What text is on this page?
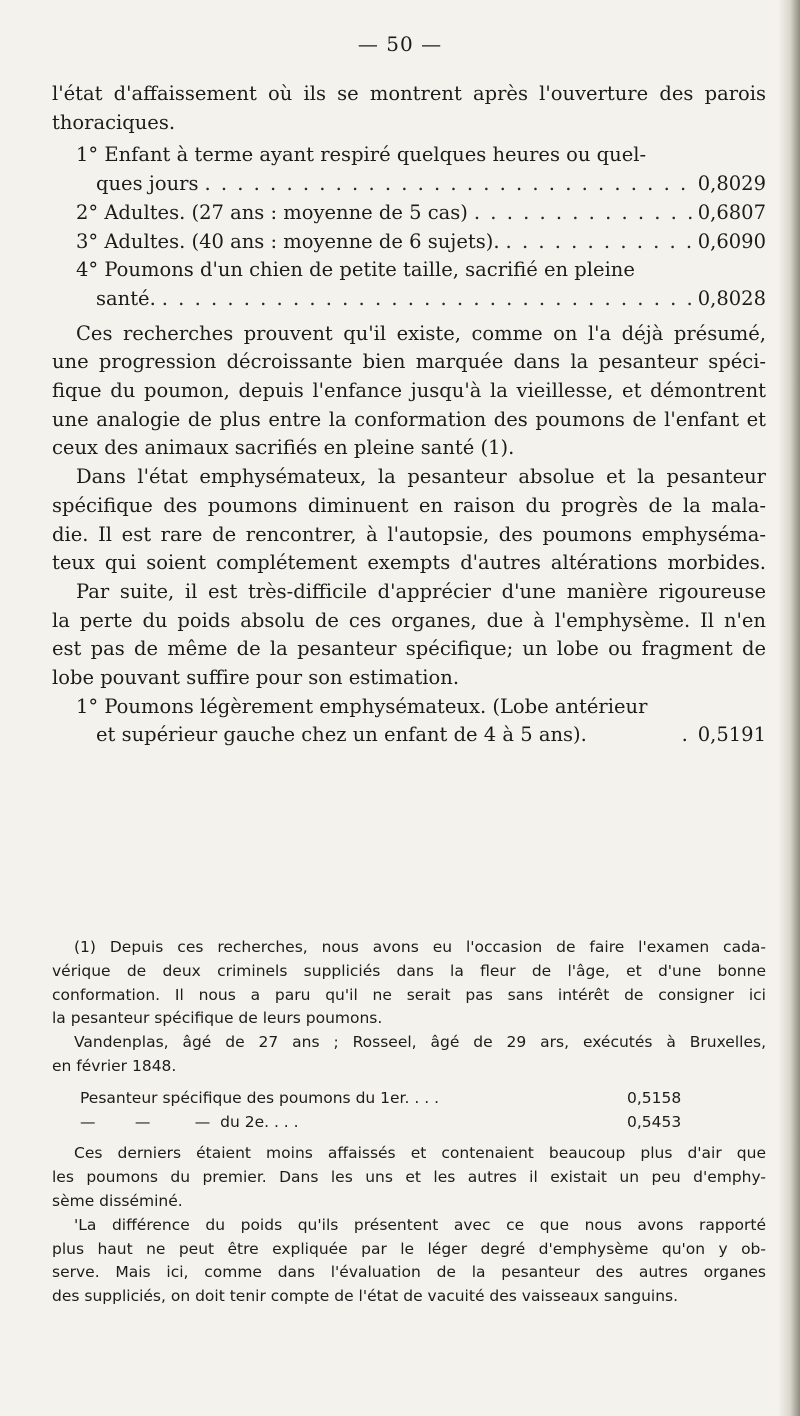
— 50 —
l'état d'affaissement où ils se montrent après l'ouverture des parois
thoraciques.
1° Enfant à terme ayant respiré quelques heures ou quel-
ques jours . . .	0,8029
2° Adultes. (27 ans : moyenne de 5 cas) . . .	0,6807
3° Adultes. (40 ans : moyenne de 6 sujets). . . .	0,6090
4° Poumons d'un chien de petite taille, sacrifié en pleine
santé. . . .	0,8028
Ces recherches prouvent qu'il existe, comme on l'a déjà présumé,
une progression décroissante bien marquée dans la pesanteur spéci-
fique du poumon, depuis l'enfance jusqu'à la vieillesse, et démontrent
une analogie de plus entre la conformation des poumons de l'enfant et
ceux des animaux sacrifiés en pleine santé (1).
Dans l'état emphysémateux, la pesanteur absolue et la pesanteur
spécifique des poumons diminuent en raison du progrès de la mala-
die. Il est rare de rencontrer, à l'autopsie, des poumons emphyséma-
teux qui soient complétement exempts d'autres altérations morbides.
Par suite, il est très-difficile d'apprécier d'une manière rigoureuse
la perte du poids absolu de ces organes, due à l'emphysème. Il n'en
est pas de même de la pesanteur spécifique; un lobe ou fragment de
lobe pouvant suffire pour son estimation.
1° Poumons légèrement emphysémateux. (Lobe antérieur
et supérieur gauche chez un enfant de 4 à 5 ans).	. 0,5191
(1) Depuis ces recherches, nous avons eu l'occasion de faire l'examen cada-
vérique de deux criminels suppliciés dans la fleur de l'âge, et d'une bonne
conformation. Il nous a paru qu'il ne serait pas sans intérêt de consigner ici
la pesanteur spécifique de leurs poumons.
Vandenplas, âgé de 27 ans ; Rosseel, âgé de 29 ars, exécutés à Bruxelles,
en février 1848.
Pesanteur spécifique des poumons du 1er. . . .	0,5158
—        —         —  du 2e. . . .	0,5453
Ces derniers étaient moins affaissés et contenaient beaucoup plus d'air que
les poumons du premier. Dans les uns et les autres il existait un peu d'emphy-
sème disséminé.
'La différence du poids qu'ils présentent avec ce que nous avons rapporté
plus haut ne peut être expliquée par le léger degré d'emphysème qu'on y ob-
serve. Mais ici, comme dans l'évaluation de la pesanteur des autres organes
des suppliciés, on doit tenir compte de l'état de vacuité des vaisseaux sanguins.
